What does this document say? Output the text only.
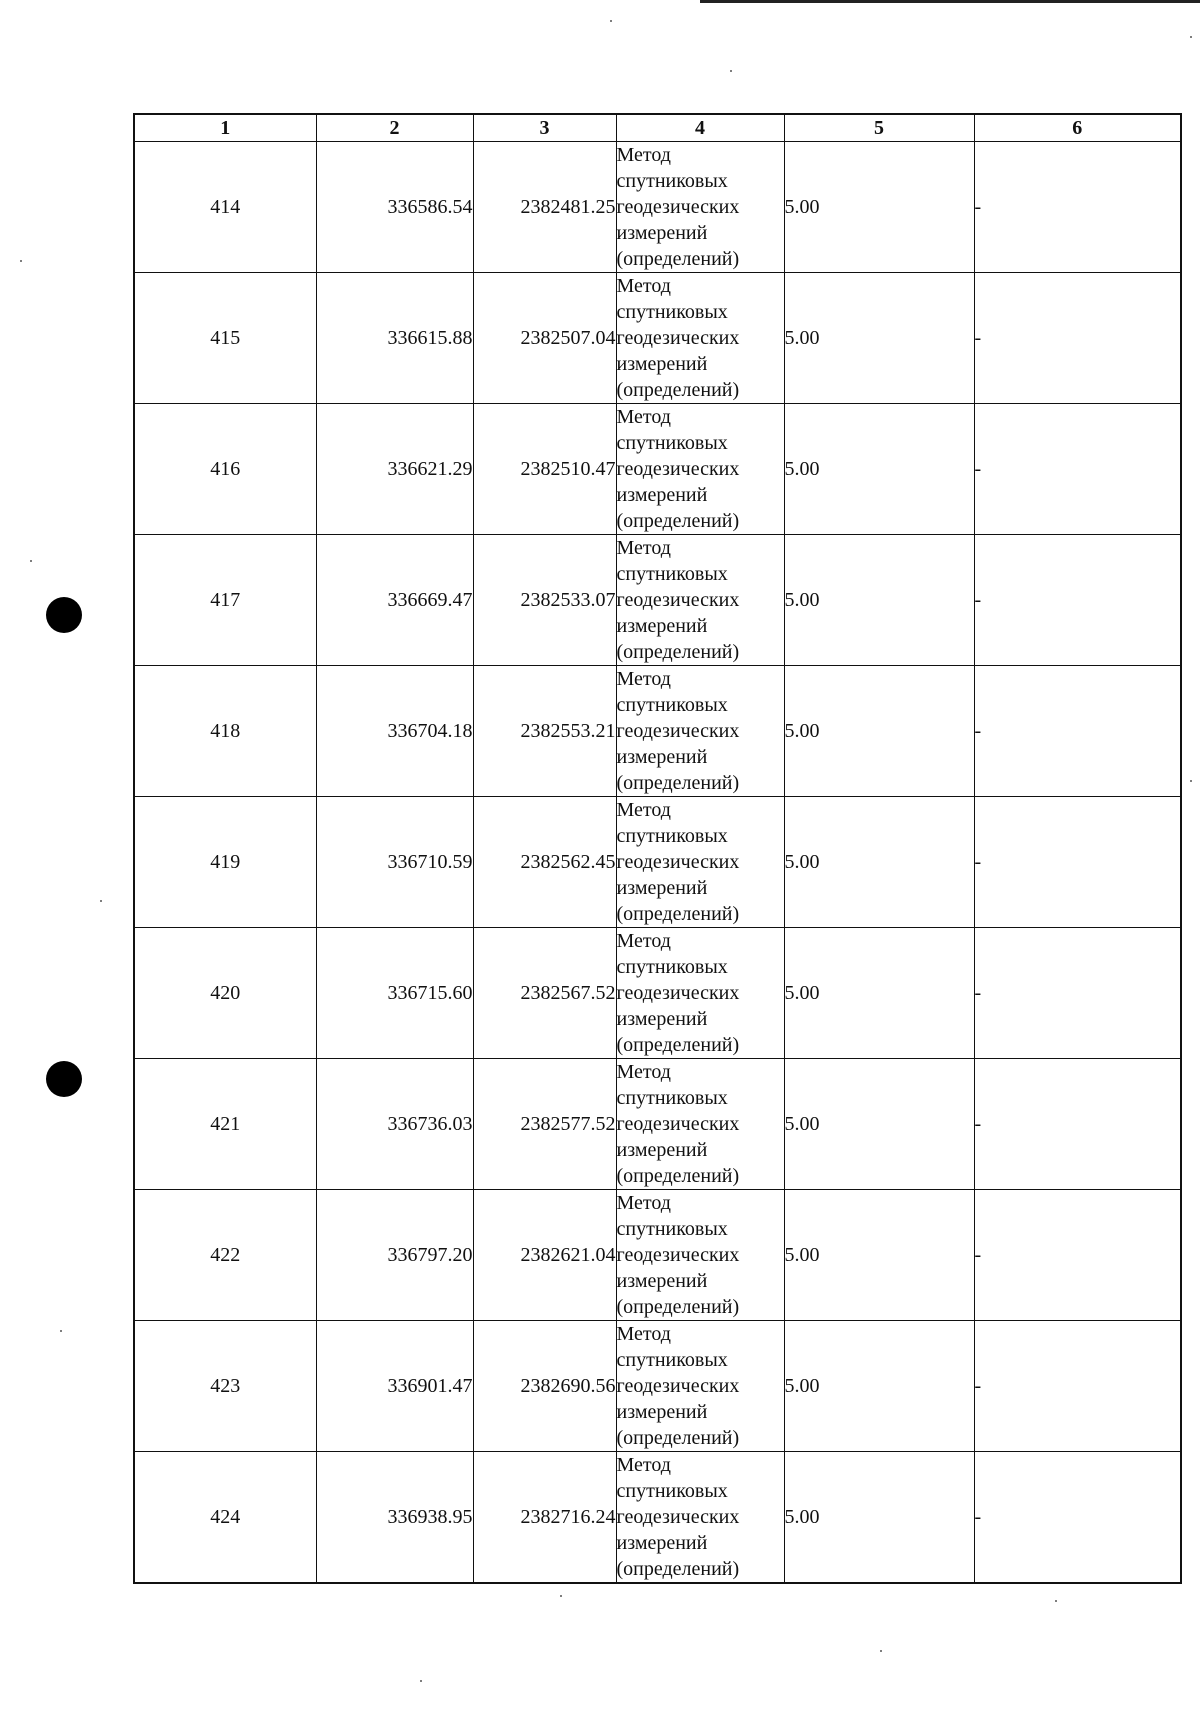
1	2	3	4	5	6
414	336586.54	2382481.25	Метод
спутниковых
геодезических
измерений
(определений)	5.00	-
415	336615.88	2382507.04	Метод
спутниковых
геодезических
измерений
(определений)	5.00	-
416	336621.29	2382510.47	Метод
спутниковых
геодезических
измерений
(определений)	5.00	-
417	336669.47	2382533.07	Метод
спутниковых
геодезических
измерений
(определений)	5.00	-
418	336704.18	2382553.21	Метод
спутниковых
геодезических
измерений
(определений)	5.00	-
419	336710.59	2382562.45	Метод
спутниковых
геодезических
измерений
(определений)	5.00	-
420	336715.60	2382567.52	Метод
спутниковых
геодезических
измерений
(определений)	5.00	-
421	336736.03	2382577.52	Метод
спутниковых
геодезических
измерений
(определений)	5.00	-
422	336797.20	2382621.04	Метод
спутниковых
геодезических
измерений
(определений)	5.00	-
423	336901.47	2382690.56	Метод
спутниковых
геодезических
измерений
(определений)	5.00	-
424	336938.95	2382716.24	Метод
спутниковых
геодезических
измерений
(определений)	5.00	-
